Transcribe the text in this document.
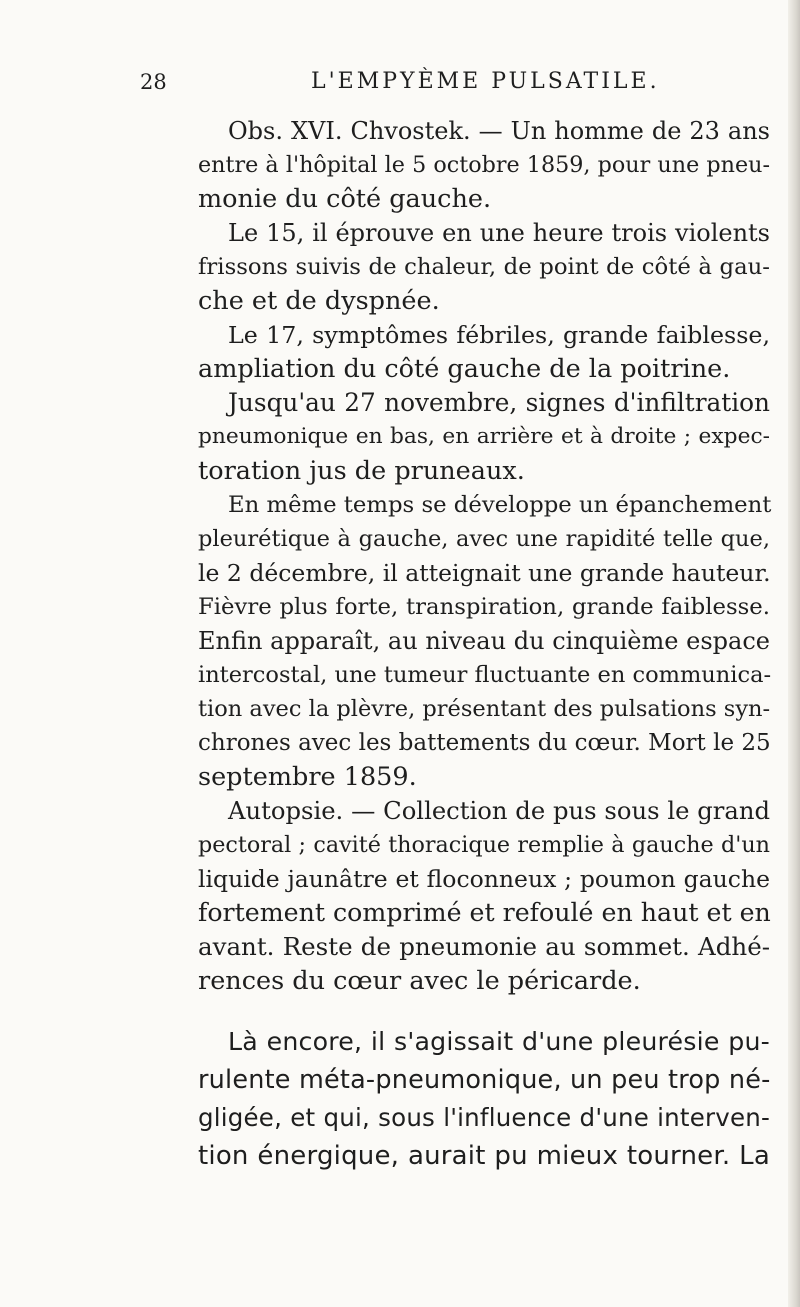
28	L'EMPYÈME PULSATILE.
Obs. XVI. Chvostek. — Un homme de 23 ans
entre à l'hôpital le 5 octobre 1859, pour une pneu-
monie du côté gauche.
Le 15, il éprouve en une heure trois violents
frissons suivis de chaleur, de point de côté à gau-
che et de dyspnée.
Le 17, symptômes fébriles, grande faiblesse,
ampliation du côté gauche de la poitrine.
Jusqu'au 27 novembre, signes d'infiltration
pneumonique en bas, en arrière et à droite ; expec-
toration jus de pruneaux.
En même temps se développe un épanchement
pleurétique à gauche, avec une rapidité telle que,
le 2 décembre, il atteignait une grande hauteur.
Fièvre plus forte, transpiration, grande faiblesse.
Enfin apparaît, au niveau du cinquième espace
intercostal, une tumeur fluctuante en communica-
tion avec la plèvre, présentant des pulsations syn-
chrones avec les battements du cœur. Mort le 25
septembre 1859.
Autopsie. — Collection de pus sous le grand
pectoral ; cavité thoracique remplie à gauche d'un
liquide jaunâtre et floconneux ; poumon gauche
fortement comprimé et refoulé en haut et en
avant. Reste de pneumonie au sommet. Adhé-
rences du cœur avec le péricarde.
Là encore, il s'agissait d'une pleurésie pu-
rulente méta-pneumonique, un peu trop né-
gligée, et qui, sous l'influence d'une interven-
tion énergique, aurait pu mieux tourner. La
